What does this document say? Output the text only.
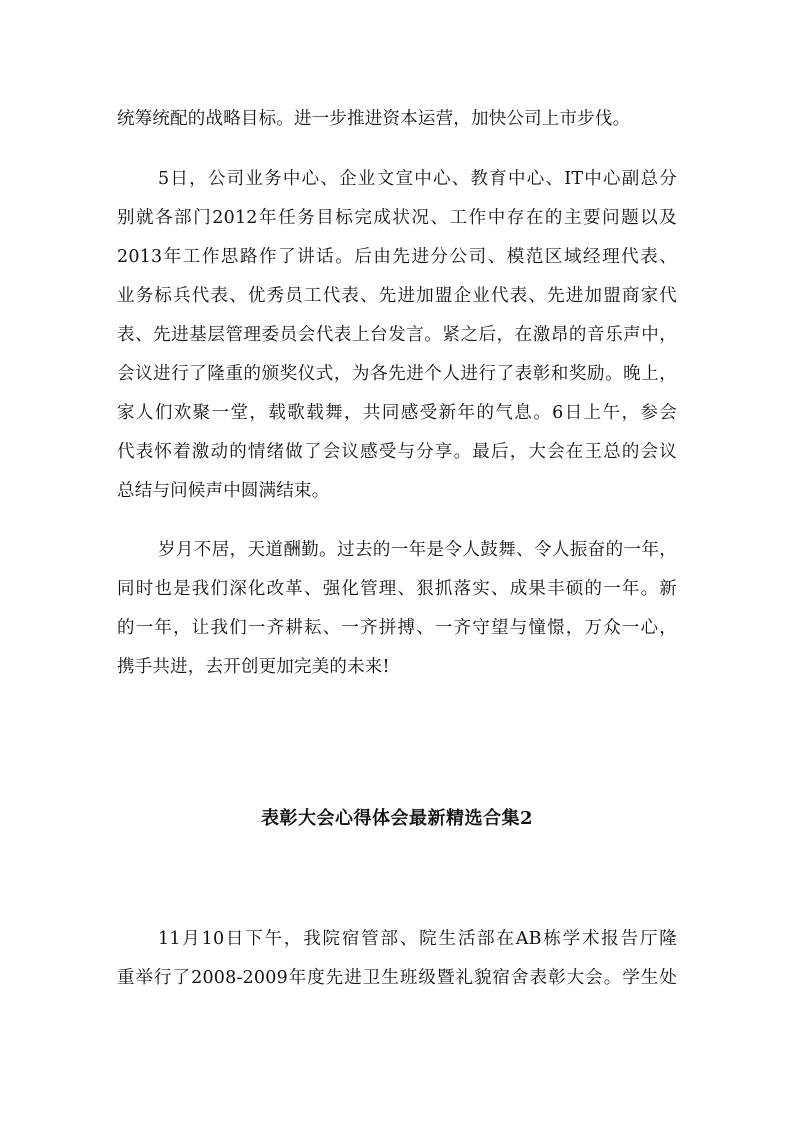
统筹统配的战略目标。进一步推进资本运营，加快公司上市步伐。
5日，公司业务中心、企业文宣中心、教育中心、IT中心副总分
别就各部门2012年任务目标完成状况、工作中存在的主要问题以及
2013年工作思路作了讲话。后由先进分公司、模范区域经理代表、
业务标兵代表、优秀员工代表、先进加盟企业代表、先进加盟商家代
表、先进基层管理委员会代表上台发言。紧之后，在激昂的音乐声中，
会议进行了隆重的颁奖仪式，为各先进个人进行了表彰和奖励。晚上，
家人们欢聚一堂，载歌载舞，共同感受新年的气息。6日上午，参会
代表怀着激动的情绪做了会议感受与分享。最后，大会在王总的会议
总结与问候声中圆满结束。
岁月不居，天道酬勤。过去的一年是令人鼓舞、令人振奋的一年，
同时也是我们深化改革、强化管理、狠抓落实、成果丰硕的一年。新
的一年，让我们一齐耕耘、一齐拼搏、一齐守望与憧憬，万众一心，
携手共进，去开创更加完美的未来!
表彰大会心得体会最新精选合集2
11月10日下午，我院宿管部、院生活部在AB栋学术报告厅隆
重举行了2008-2009年度先进卫生班级暨礼貌宿舍表彰大会。学生处
